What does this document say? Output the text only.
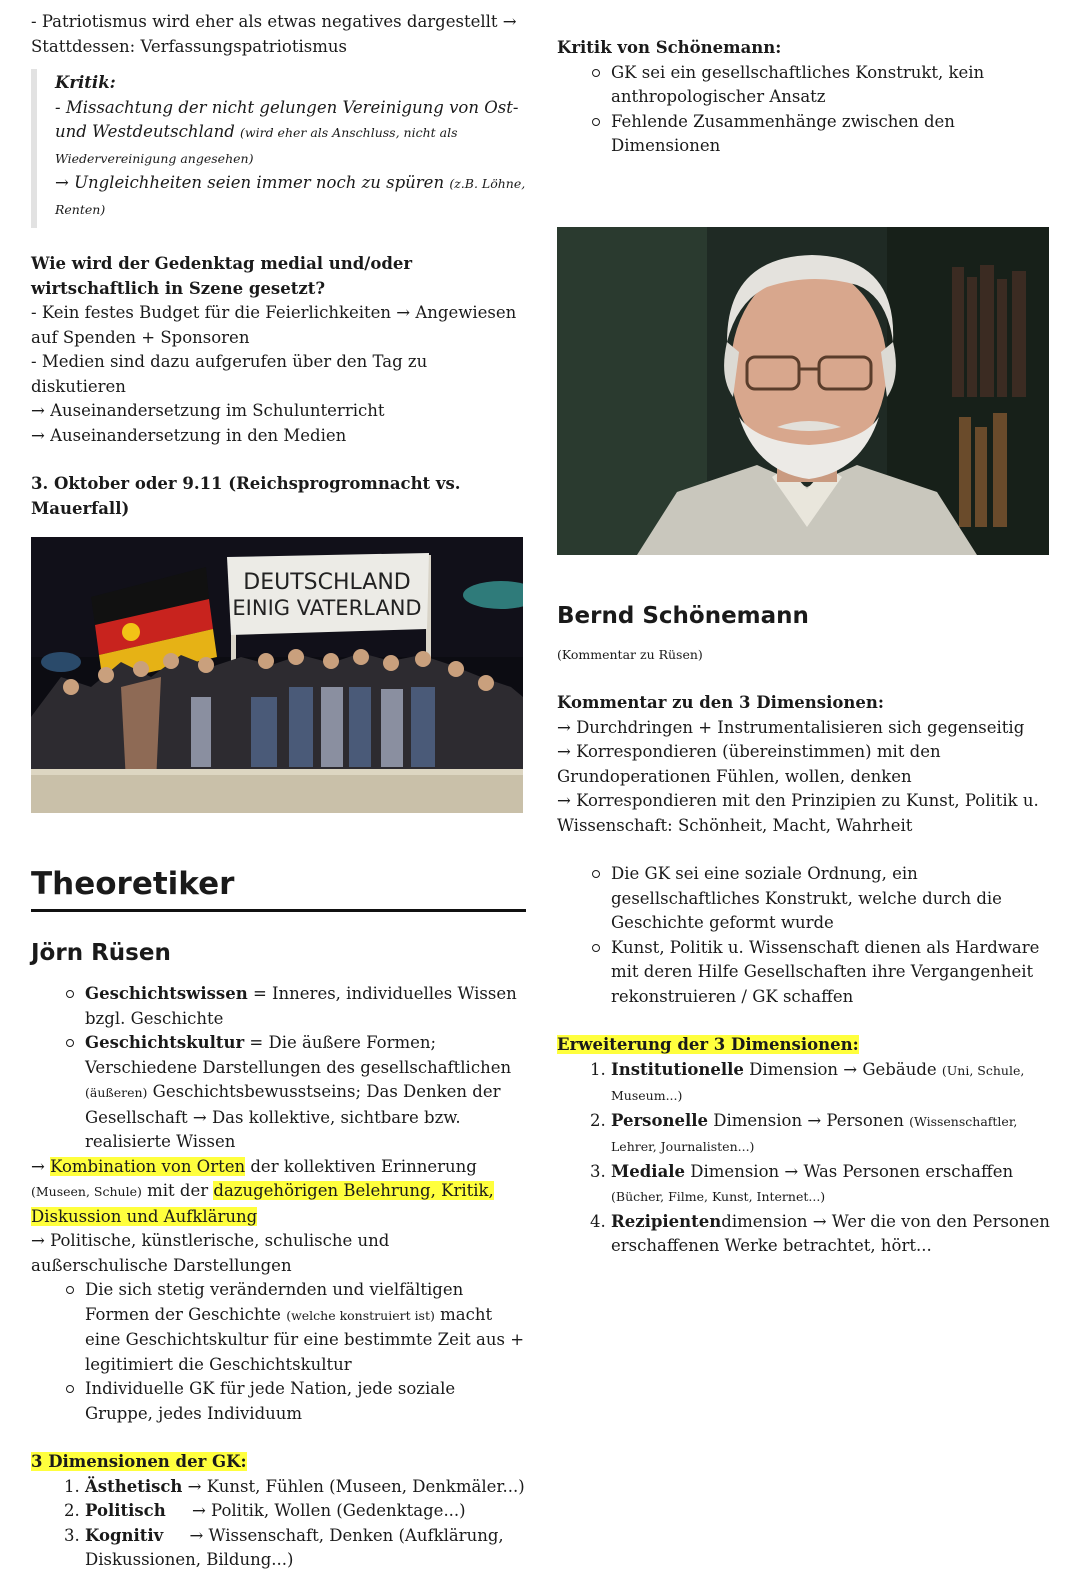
- Patriotismus wird eher als etwas negatives dargestellt →

Stattdessen: Verfassungspatriotismus

Kritik:

- Missachtung der nicht gelungen Vereinigung von Ost- und Westdeutschland (wird eher als Anschluss, nicht als Wiedervereinigung angesehen)

→ Ungleichheiten seien immer noch zu spüren (z.B. Löhne, Renten)

Wie wird der Gedenktag medial und/oder wirtschaftlich in Szene gesetzt?

- Kein festes Budget für die Feierlichkeiten → Angewiesen auf Spenden + Sponsoren

- Medien sind dazu aufgerufen über den Tag zu diskutieren

→ Auseinandersetzung im Schulunterricht

→ Auseinandersetzung in den Medien

3. Oktober oder 9.11 (Reichsprogromnacht vs. Mauerfall)

DEUTSCHLAND
EINIG VATERLAND
Theoretiker
Jörn Rüsen
Geschichtswissen = Inneres, individuelles Wissen bzgl. Geschichte
Geschichtskultur = Die äußere Formen; Verschiedene Darstellungen des gesellschaftlichen (äußeren) Geschichtsbewusstseins; Das Denken der Gesellschaft → Das kollektive, sichtbare bzw. realisierte Wissen

→ Kombination von Orten der kollektiven Erinnerung (Museen, Schule) mit der dazugehörigen Belehrung, Kritik, Diskussion und Aufklärung

→ Politische, künstlerische, schulische und außerschulische Darstellungen

Die sich stetig verändernden und vielfältigen Formen der Geschichte (welche konstruiert ist) macht eine Geschichtskultur für eine bestimmte Zeit aus + legitimiert die Geschichtskultur
Individuelle GK für jede Nation, jede soziale Gruppe, jedes Individuum

3 Dimensionen der GK:

1. Ästhetisch → Kunst, Fühlen (Museen, Denkmäler...)
2. Politisch     → Politik, Wollen (Gedenktage...)
3. Kognitiv     → Wissenschaft, Denken (Aufklärung, Diskussionen, Bildung...)

Kritik von Schönemann:

GK sei ein gesellschaftliches Konstrukt, kein anthropologischer Ansatz
Fehlende Zusammenhänge zwischen den Dimensionen
Bernd Schönemann

(Kommentar zu Rüsen)

Kommentar zu den 3 Dimensionen:

→ Durchdringen + Instrumentalisieren sich gegenseitig

→ Korrespondieren (übereinstimmen) mit den Grundoperationen Fühlen, wollen, denken

→ Korrespondieren mit den Prinzipien zu Kunst, Politik u. Wissenschaft: Schönheit, Macht, Wahrheit

Die GK sei eine soziale Ordnung, ein gesellschaftliches Konstrukt, welche durch die Geschichte geformt wurde
Kunst, Politik u. Wissenschaft dienen als Hardware mit deren Hilfe Gesellschaften ihre Vergangenheit rekonstruieren / GK schaffen

Erweiterung der 3 Dimensionen:

1. Institutionelle Dimension → Gebäude (Uni, Schule, Museum...)
2. Personelle Dimension → Personen (Wissenschaftler, Lehrer, Journalisten...)
3. Mediale Dimension → Was Personen erschaffen (Bücher, Filme, Kunst, Internet...)
4. Rezipientendimension → Wer die von den Personen erschaffenen Werke betrachtet, hört...
